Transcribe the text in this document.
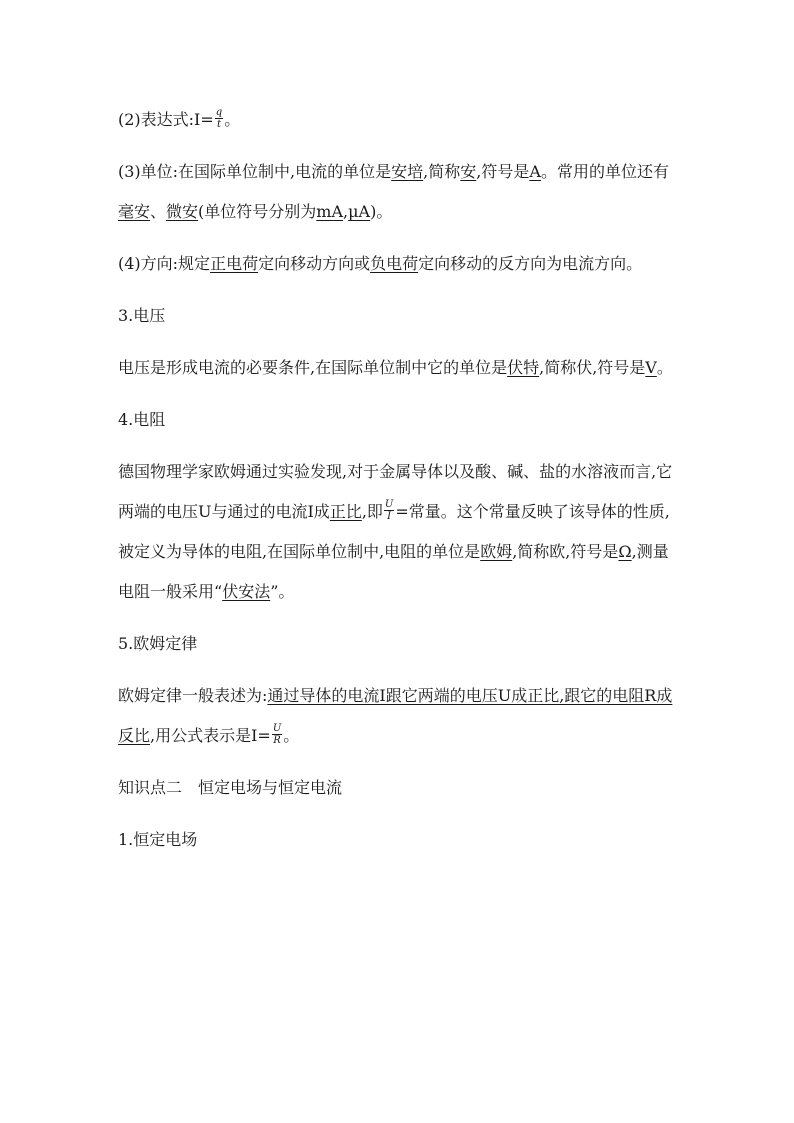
(2)表达式:I= $\frac{q}{t}$ 。

(3)单位:在国际单位制中,电流的单位是安培,简称安,符号是A。常用的单位还有毫安、微安(单位符号分别为mA,μA)。

(4)方向:规定正电荷定向移动方向或负电荷定向移动的反方向为电流方向。

3.电压

电压是形成电流的必要条件,在国际单位制中它的单位是伏特,简称伏,符号是V。

4.电阻

德国物理学家欧姆通过实验发现,对于金属导体以及酸、碱、盐的水溶液而言,它两端的电压U与通过的电流I成正比,即 $\frac{U}{I}$ =常量。这个常量反映了该导体的性质,被定义为导体的电阻,在国际单位制中,电阻的单位是欧姆,简称欧,符号是Ω,测量电阻一般采用“伏安法”。

5.欧姆定律

欧姆定律一般表述为:通过导体的电流I跟它两端的电压U成正比,跟它的电阻R成反比,用公式表示是$I= \frac{U}{R}$ 。

知识点二　恒定电场与恒定电流

1.恒定电场
